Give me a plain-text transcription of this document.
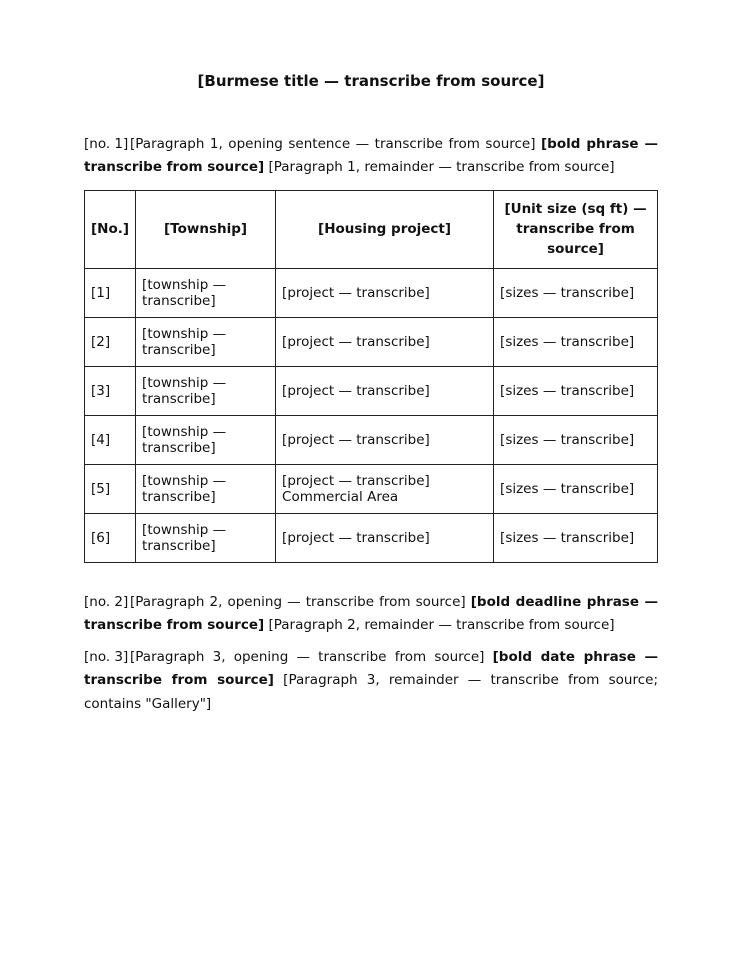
[Burmese title — transcribe from source]

[no. 1] [Paragraph 1, opening sentence — transcribe from source] [bold phrase — transcribe from source] [Paragraph 1, remainder — transcribe from source]

[No.]	[Township]	[Housing project]	[Unit size (sq ft) — transcribe from source]
[1]	[township — transcribe]	[project — transcribe]	[sizes — transcribe]
[2]	[township — transcribe]	[project — transcribe]	[sizes — transcribe]
[3]	[township — transcribe]	[project — transcribe]	[sizes — transcribe]
[4]	[township — transcribe]	[project — transcribe]	[sizes — transcribe]
[5]	[township — transcribe]	[project — transcribe] Commercial Area	[sizes — transcribe]
[6]	[township — transcribe]	[project — transcribe]	[sizes — transcribe]

[no. 2] [Paragraph 2, opening — transcribe from source] [bold deadline phrase — transcribe from source] [Paragraph 2, remainder — transcribe from source]

[no. 3] [Paragraph 3, opening — transcribe from source] [bold date phrase — transcribe from source] [Paragraph 3, remainder — transcribe from source; contains "Gallery"]
